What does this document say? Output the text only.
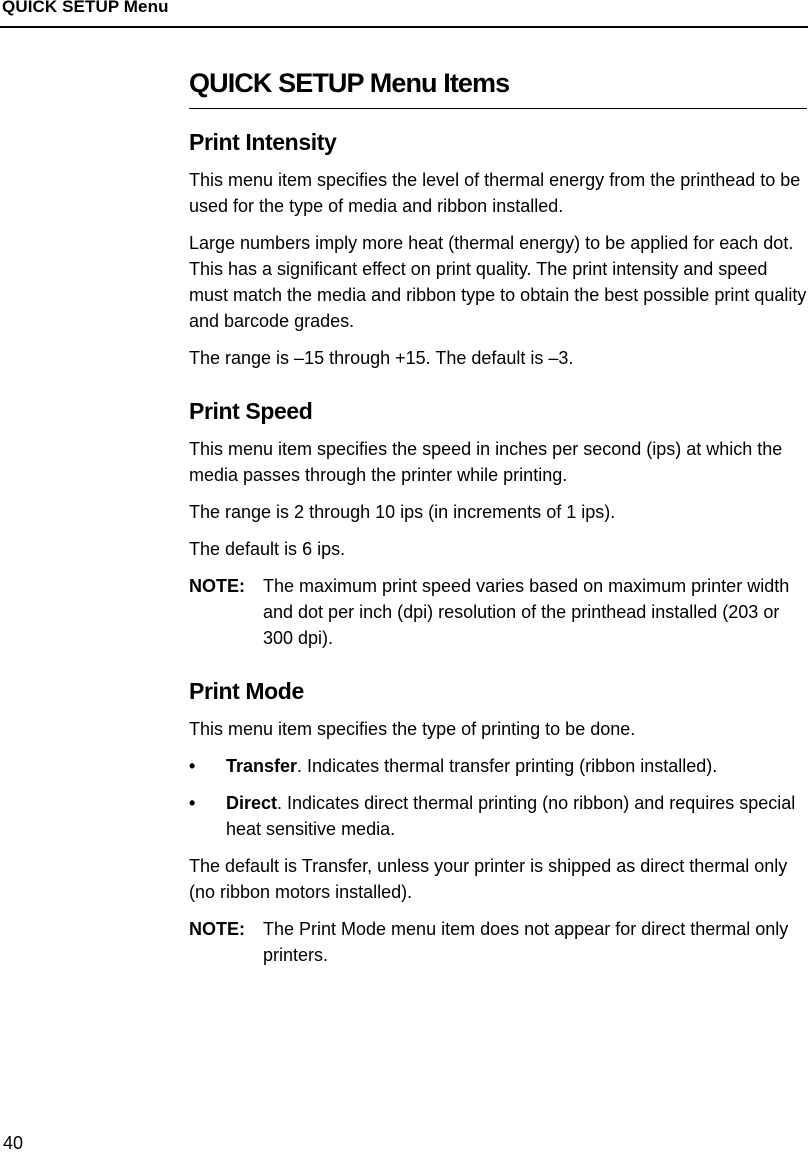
QUICK SETUP Menu
QUICK SETUP Menu Items
Print Intensity

This menu item specifies the level of thermal energy from the printhead to be used for the type of media and ribbon installed.

Large numbers imply more heat (thermal energy) to be applied for each dot. This has a significant effect on print quality. The print intensity and speed must match the media and ribbon type to obtain the best possible print quality and barcode grades.

The range is –15 through +15. The default is –3.

Print Speed

This menu item specifies the speed in inches per second (ips) at which the media passes through the printer while printing.

The range is 2 through 10 ips (in increments of 1 ips).

The default is 6 ips.

NOTE:	The maximum print speed varies based on maximum printer width and dot per inch (dpi) resolution of the printhead installed (203 or 300 dpi).
Print Mode

This menu item specifies the type of printing to be done.

•	Transfer. Indicates thermal transfer printing (ribbon installed).
•	Direct. Indicates direct thermal printing (no ribbon) and requires special heat sensitive media.

The default is Transfer, unless your printer is shipped as direct thermal only (no ribbon motors installed).

NOTE:	The Print Mode menu item does not appear for direct thermal only printers.
40
